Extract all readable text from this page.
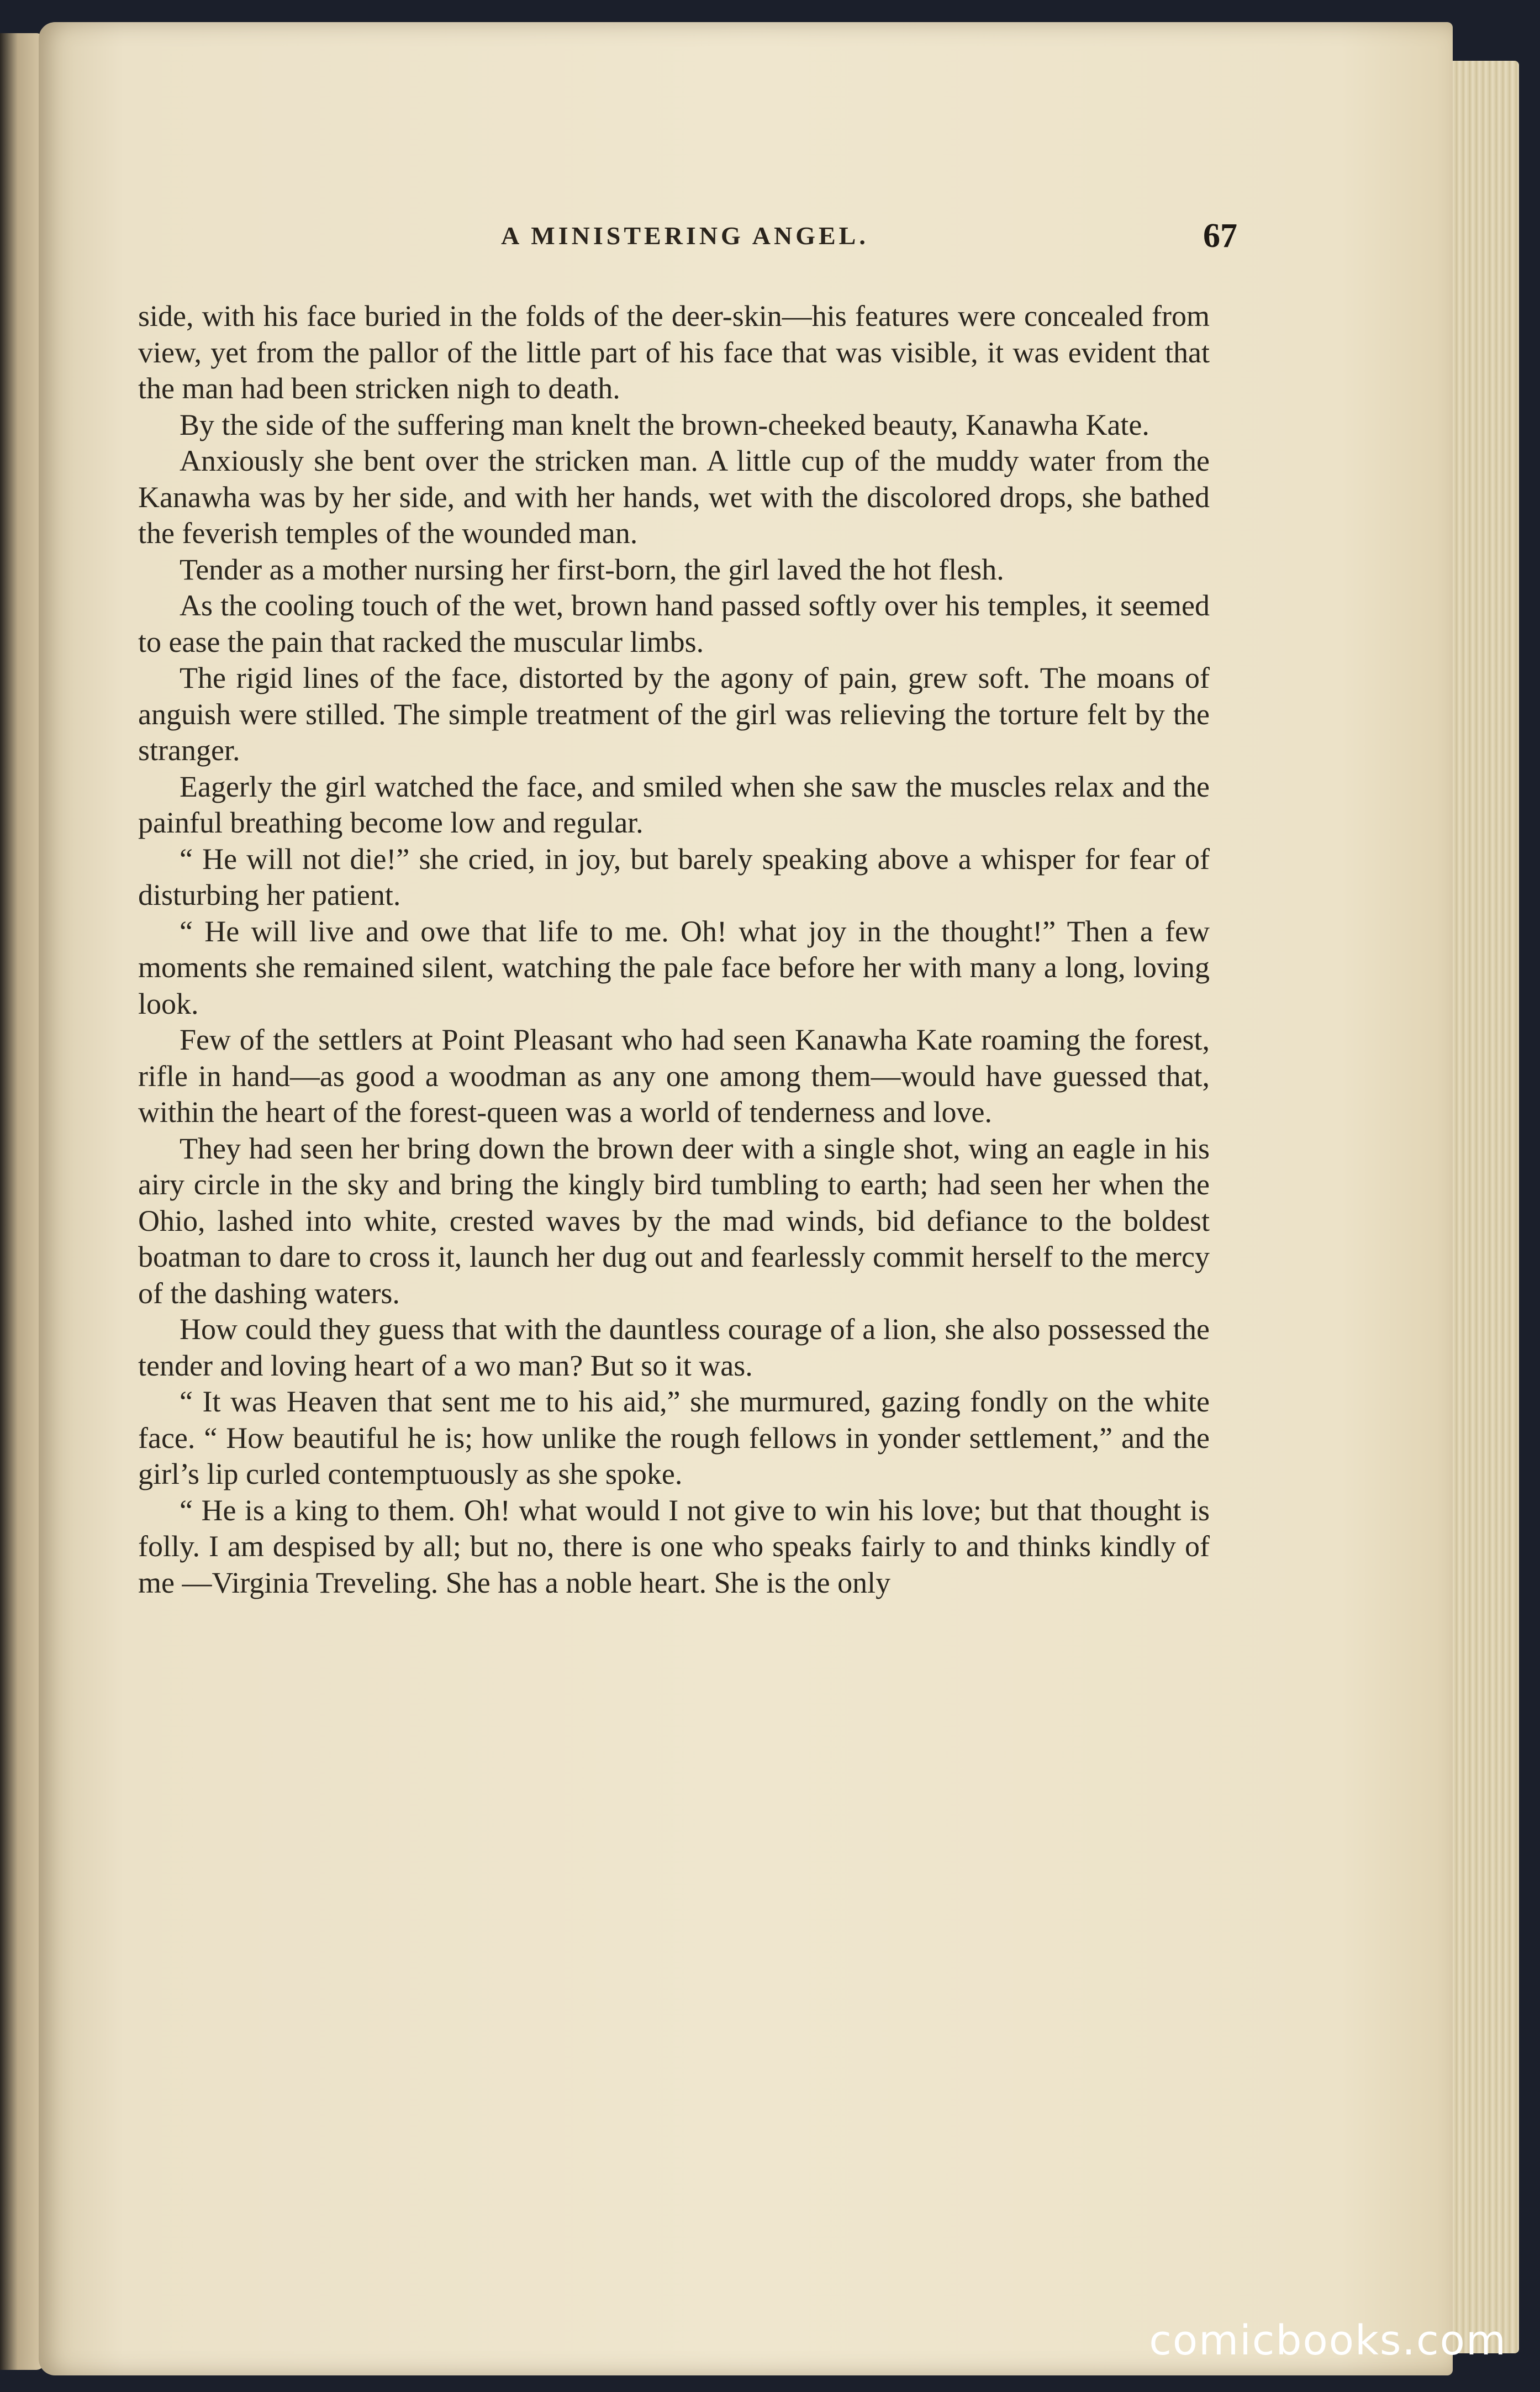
A MINISTERING ANGEL.	67

side, with his face buried in the folds of the deer-skin—his features were concealed from view, yet from the pallor of the little part of his face that was visible, it was evident that the man had been stricken nigh to death.

By the side of the suffering man knelt the brown-cheeked beauty, Kanawha Kate.

Anxiously she bent over the stricken man. A little cup of the muddy water from the Kanawha was by her side, and with her hands, wet with the discolored drops, she bathed the feverish temples of the wounded man.

Tender as a mother nursing her first-born, the girl laved the hot flesh.

As the cooling touch of the wet, brown hand passed softly over his temples, it seemed to ease the pain that racked the muscular limbs.

The rigid lines of the face, distorted by the agony of pain, grew soft. The moans of anguish were stilled. The simple treatment of the girl was relieving the torture felt by the stranger.

Eagerly the girl watched the face, and smiled when she saw the muscles relax and the painful breathing become low and regular.

“ He will not die!” she cried, in joy, but barely speaking above a whisper for fear of disturbing her patient.

“ He will live and owe that life to me. Oh! what joy in the thought!” Then a few moments she remained silent, watching the pale face before her with many a long, loving look.

Few of the settlers at Point Pleasant who had seen Kanawha Kate roaming the forest, rifle in hand—as good a woodman as any one among them—would have guessed that, within the heart of the forest-queen was a world of tenderness and love.

They had seen her bring down the brown deer with a single shot, wing an eagle in his airy circle in the sky and bring the kingly bird tumbling to earth; had seen her when the Ohio, lashed into white, crested waves by the mad winds, bid defiance to the boldest boatman to dare to cross it, launch her dug out and fearlessly commit herself to the mercy of the dashing waters.

How could they guess that with the dauntless courage of a lion, she also possessed the tender and loving heart of a wo man? But so it was.

“ It was Heaven that sent me to his aid,” she murmured, gazing fondly on the white face. “ How beautiful he is; how unlike the rough fellows in yonder settlement,” and the girl’s lip curled contemptuously as she spoke.

“ He is a king to them. Oh! what would I not give to win his love; but that thought is folly. I am despised by all; but no, there is one who speaks fairly to and thinks kindly of me —Virginia Treveling. She has a noble heart. She is the only

comicbooks.com
